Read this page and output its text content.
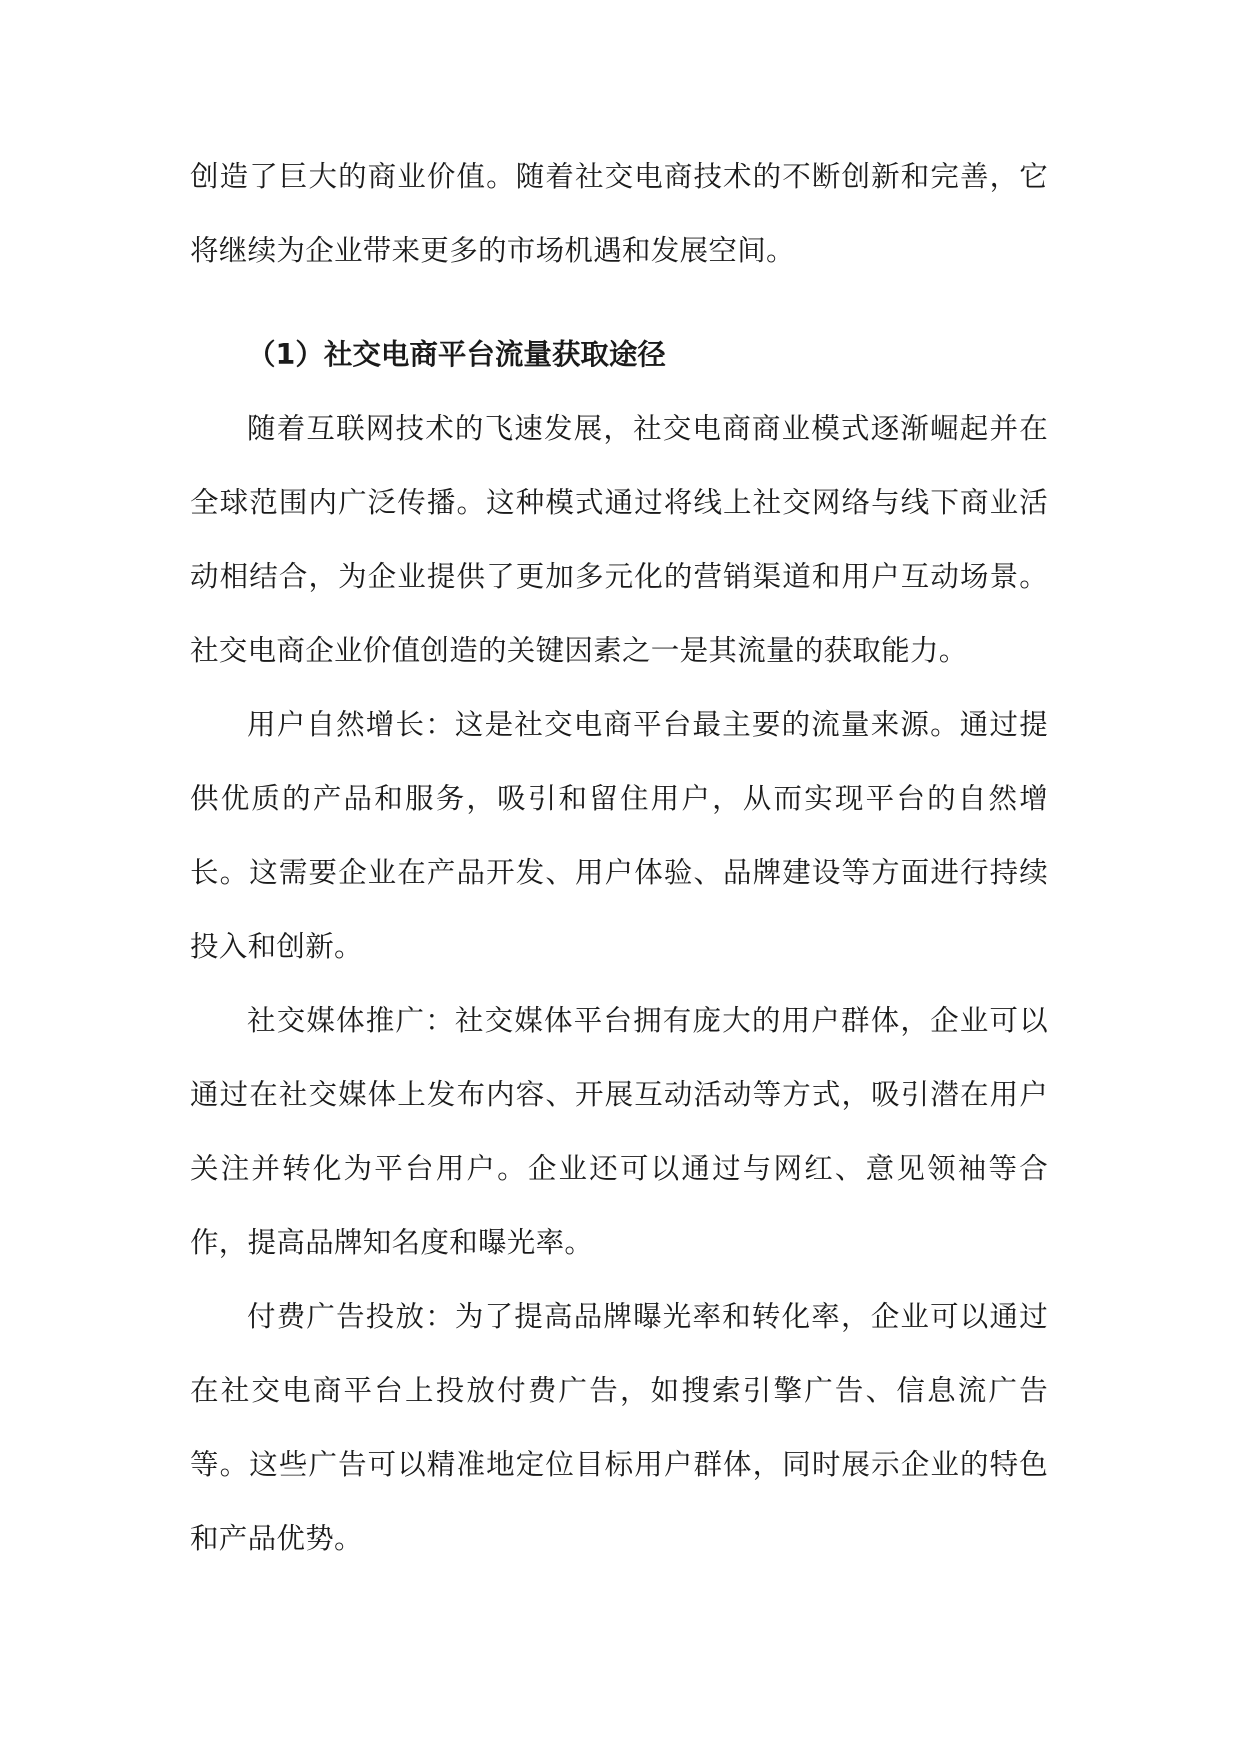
创造了巨大的商业价值。随着社交电商技术的不断创新和完善，它将继续为企业带来更多的市场机遇和发展空间。

（1）社交电商平台流量获取途径

随着互联网技术的飞速发展，社交电商商业模式逐渐崛起并在全球范围内广泛传播。这种模式通过将线上社交网络与线下商业活动相结合，为企业提供了更加多元化的营销渠道和用户互动场景。社交电商企业价值创造的关键因素之一是其流量的获取能力。

用户自然增长：这是社交电商平台最主要的流量来源。通过提供优质的产品和服务，吸引和留住用户，从而实现平台的自然增长。这需要企业在产品开发、用户体验、品牌建设等方面进行持续投入和创新。

社交媒体推广：社交媒体平台拥有庞大的用户群体，企业可以通过在社交媒体上发布内容、开展互动活动等方式，吸引潜在用户关注并转化为平台用户。企业还可以通过与网红、意见领袖等合作，提高品牌知名度和曝光率。

付费广告投放：为了提高品牌曝光率和转化率，企业可以通过在社交电商平台上投放付费广告，如搜索引擎广告、信息流广告等。这些广告可以精准地定位目标用户群体，同时展示企业的特色和产品优势。
